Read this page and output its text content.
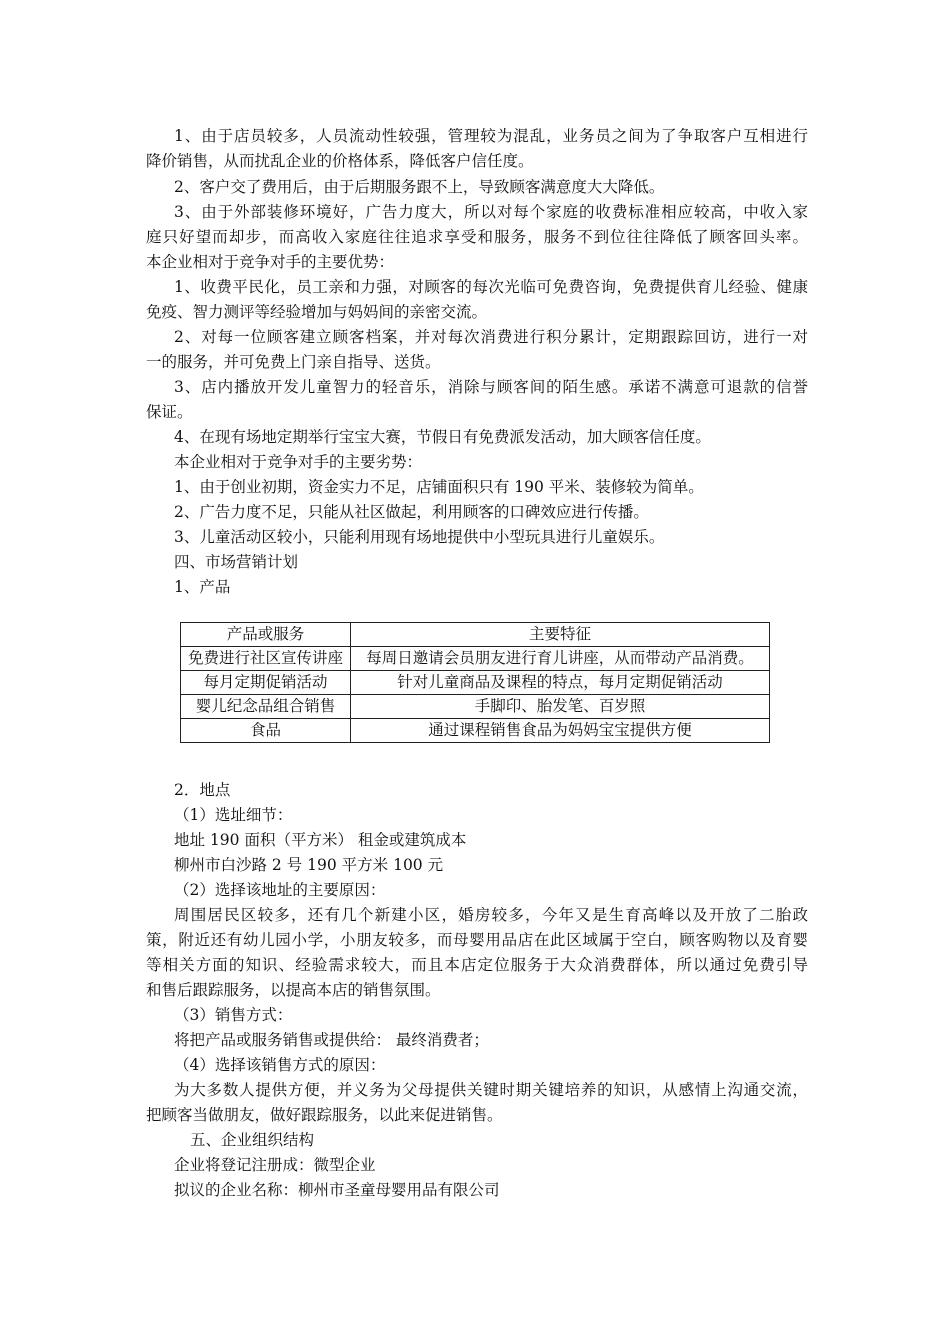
1、由于店员较多，人员流动性较强，管理较为混乱，业务员之间为了争取客户互相进行
降价销售，从而扰乱企业的价格体系，降低客户信任度。
2、客户交了费用后，由于后期服务跟不上，导致顾客满意度大大降低。
3、由于外部装修环境好，广告力度大，所以对每个家庭的收费标准相应较高，中收入家
庭只好望而却步，而高收入家庭往往追求享受和服务，服务不到位往往降低了顾客回头率。
本企业相对于竞争对手的主要优势：
1、收费平民化，员工亲和力强，对顾客的每次光临可免费咨询，免费提供育儿经验、健康
免疫、智力测评等经验增加与妈妈间的亲密交流。
2、对每一位顾客建立顾客档案，并对每次消费进行积分累计，定期跟踪回访，进行一对
一的服务，并可免费上门亲自指导、送货。
3、店内播放开发儿童智力的轻音乐，消除与顾客间的陌生感。承诺不满意可退款的信誉
保证。
4、在现有场地定期举行宝宝大赛，节假日有免费派发活动，加大顾客信任度。
本企业相对于竞争对手的主要劣势：
1、由于创业初期，资金实力不足，店铺面积只有 190 平米、装修较为简单。
2、广告力度不足，只能从社区做起，利用顾客的口碑效应进行传播。
3、儿童活动区较小，只能利用现有场地提供中小型玩具进行儿童娱乐。
四、市场营销计划
1、产品
产品或服务	主要特征
免费进行社区宣传讲座	每周日邀请会员朋友进行育儿讲座，从而带动产品消费。
每月定期促销活动	针对儿童商品及课程的特点，每月定期促销活动
婴儿纪念品组合销售	手脚印、胎发笔、百岁照
食品	通过课程销售食品为妈妈宝宝提供方便
2．地点
（1）选址细节：
地址 190 面积（平方米） 租金或建筑成本
柳州市白沙路 2 号 190 平方米 100 元
（2）选择该地址的主要原因：
周围居民区较多，还有几个新建小区，婚房较多，今年又是生育高峰以及开放了二胎政
策，附近还有幼儿园小学，小朋友较多，而母婴用品店在此区域属于空白，顾客购物以及育婴
等相关方面的知识、经验需求较大，而且本店定位服务于大众消费群体，所以通过免费引导
和售后跟踪服务，以提高本店的销售氛围。
（3）销售方式：
将把产品或服务销售或提供给： 最终消费者；
（4）选择该销售方式的原因：
为大多数人提供方便，并义务为父母提供关键时期关键培养的知识，从感情上沟通交流，
把顾客当做朋友，做好跟踪服务，以此来促进销售。
五、企业组织结构
企业将登记注册成：微型企业
拟议的企业名称：柳州市圣童母婴用品有限公司
